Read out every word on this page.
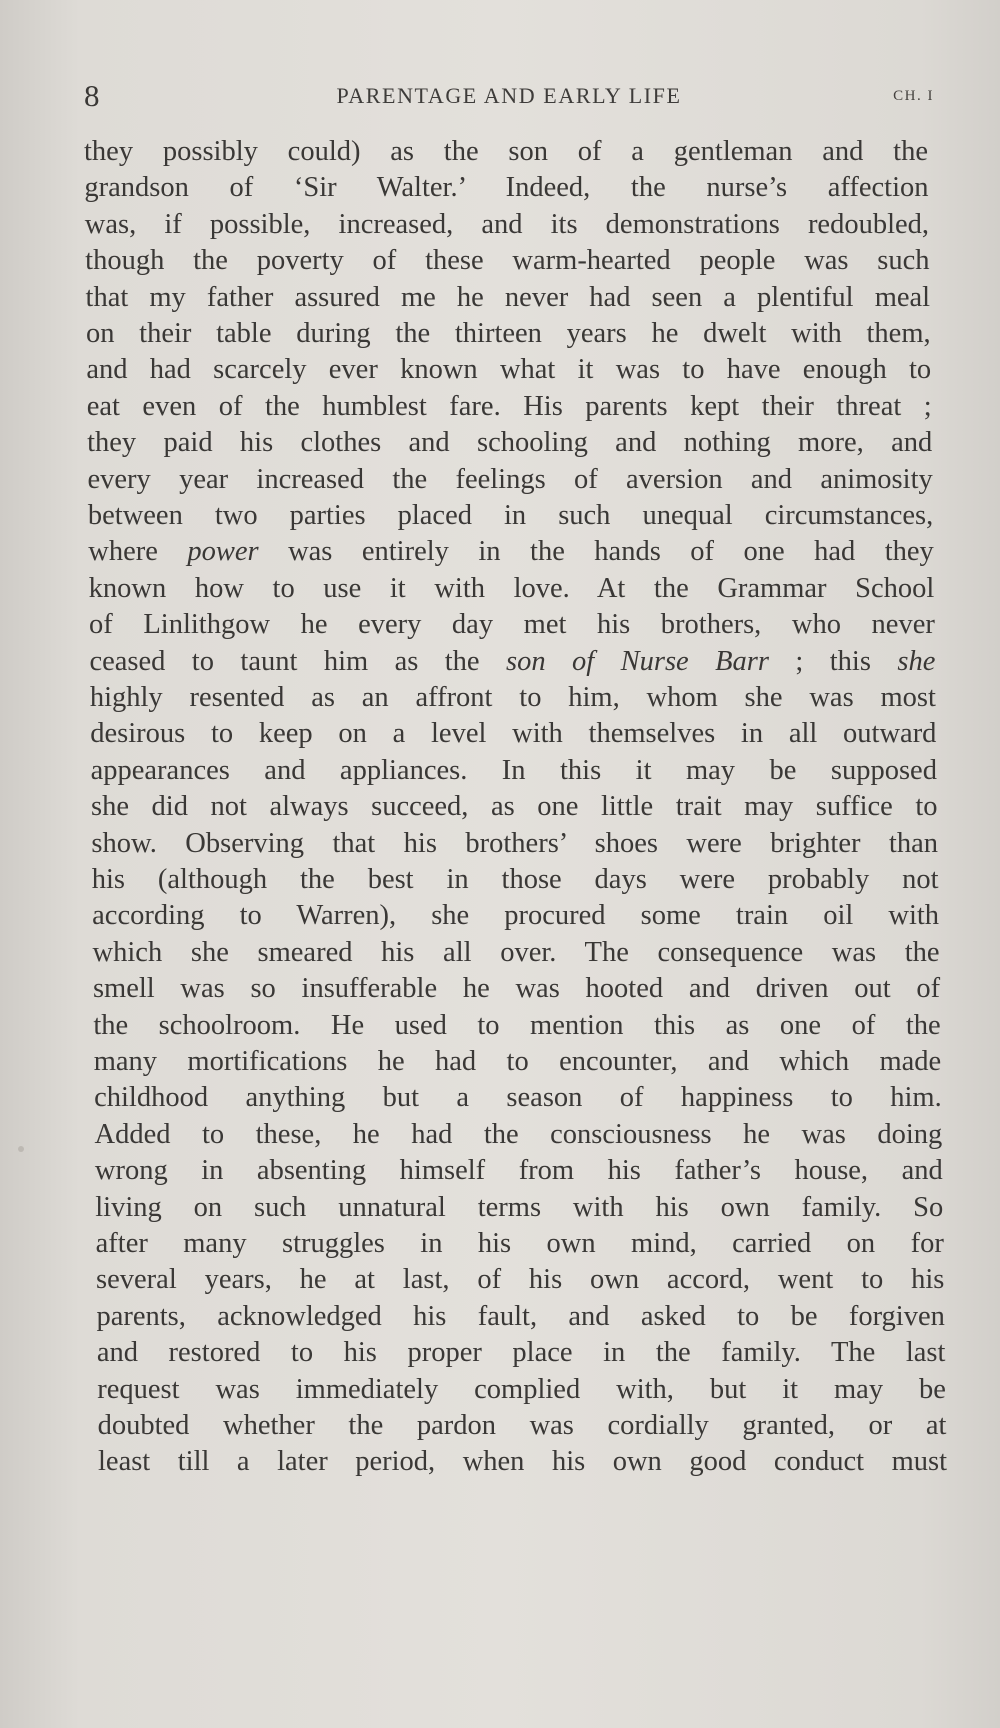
8	PARENTAGE AND EARLY LIFE	CH. I
they possibly could) as the son of a gentleman and the
grandson of ‘Sir Walter.’ Indeed, the nurse’s affection
was, if possible, increased, and its demonstrations redoubled,
though the poverty of these warm-hearted people was such
that my father assured me he never had seen a plentiful meal
on their table during the thirteen years he dwelt with them,
and had scarcely ever known what it was to have enough to
eat even of the humblest fare. His parents kept their threat ;
they paid his clothes and schooling and nothing more, and
every year increased the feelings of aversion and animosity
between two parties placed in such unequal circumstances,
where power was entirely in the hands of one had they
known how to use it with love. At the Grammar School
of Linlithgow he every day met his brothers, who never
ceased to taunt him as the son of Nurse Barr ; this she
highly resented as an affront to him, whom she was most
desirous to keep on a level with themselves in all outward
appearances and appliances. In this it may be supposed
she did not always succeed, as one little trait may suffice to
show. Observing that his brothers’ shoes were brighter than
his (although the best in those days were probably not
according to Warren), she procured some train oil with
which she smeared his all over. The consequence was the
smell was so insufferable he was hooted and driven out of
the schoolroom. He used to mention this as one of the
many mortifications he had to encounter, and which made
childhood anything but a season of happiness to him.
Added to these, he had the consciousness he was doing
wrong in absenting himself from his father’s house, and
living on such unnatural terms with his own family. So
after many struggles in his own mind, carried on for
several years, he at last, of his own accord, went to his
parents, acknowledged his fault, and asked to be forgiven
and restored to his proper place in the family. The last
request was immediately complied with, but it may be
doubted whether the pardon was cordially granted, or at
least till a later period, when his own good conduct must
